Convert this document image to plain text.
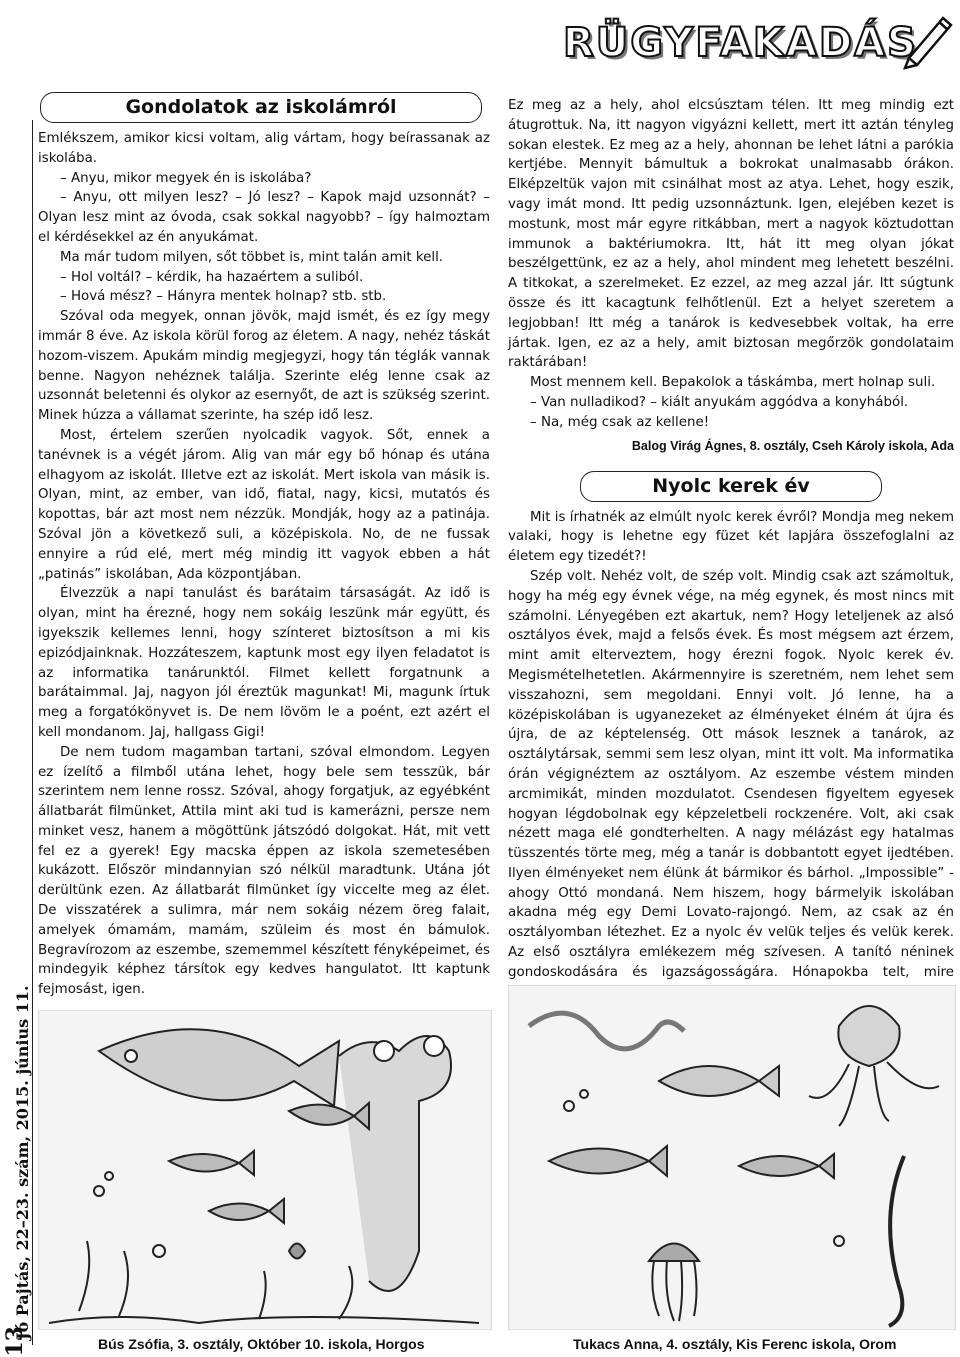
RÜGYFAKADÁS
Jó Pajtás, 22–23. szám, 2015. június 11.
13
Gondolatok az iskolámról

Emlékszem, amikor kicsi voltam, alig vártam, hogy beírassanak az iskolába.

– Anyu, mikor megyek én is iskolába?

– Anyu, ott milyen lesz? – Jó lesz? – Kapok majd uzsonnát? – Olyan lesz mint az óvoda, csak sokkal nagyobb? – így halmoztam el kérdésekkel az én anyukámat.

Ma már tudom milyen, sőt többet is, mint talán amit kell.

– Hol voltál? – kérdik, ha hazaértem a suliból.

– Hová mész? – Hányra mentek holnap? stb. stb.

Szóval oda megyek, onnan jövök, majd ismét, és ez így megy immár 8 éve. Az iskola körül forog az életem. A nagy, nehéz táskát hozom-viszem. Apukám mindig megjegyzi, hogy tán téglák vannak benne. Nagyon nehéznek találja. Szerinte elég lenne csak az uzsonnát beletenni és olykor az esernyőt, de azt is szükség szerint. Minek húzza a vállamat szerinte, ha szép idő lesz.

Most, értelem szerűen nyolcadik vagyok. Sőt, ennek a tanévnek is a végét járom. Alig van már egy bő hónap és utána elhagyom az iskolát. Illetve ezt az iskolát. Mert iskola van másik is. Olyan, mint, az ember, van idő, fiatal, nagy, kicsi, mutatós és kopottas, bár azt most nem nézzük. Mondják, hogy az a patinája. Szóval jön a következő suli, a középiskola. No, de ne fussak ennyire a rúd elé, mert még mindig itt vagyok ebben a hát „patinás” iskolában, Ada központjában.

Élvezzük a napi tanulást és barátaim társaságát. Az idő is olyan, mint ha érezné, hogy nem sokáig leszünk már együtt, és igyekszik kellemes lenni, hogy színteret biztosítson a mi kis epizódjainknak. Hozzáteszem, kaptunk most egy ilyen feladatot is az informatika tanárunktól. Filmet kellett forgatnunk a barátaimmal. Jaj, nagyon jól éreztük magunkat! Mi, magunk írtuk meg a forgatókönyvet is. De nem lövöm le a poént, ezt azért el kell mondanom. Jaj, hallgass Gigi!

De nem tudom magamban tartani, szóval elmondom. Legyen ez ízelítő a filmből utána lehet, hogy bele sem tesszük, bár szerintem nem lenne rossz. Szóval, ahogy forgatjuk, az egyébként állatbarát filmünket, Attila mint aki tud is kamerázni, persze nem minket vesz, hanem a mögöttünk játszódó dolgokat. Hát, mit vett fel ez a gyerek! Egy macska éppen az iskola szemetesében kukázott. Először mindannyian szó nélkül maradtunk. Utána jót derültünk ezen. Az állatbarát filmünket így viccelte meg az élet. De visszatérek a sulimra, már nem sokáig nézem öreg falait, amelyek ómamám, mamám, szüleim és most én bámulok. Begravírozom az eszembe, szememmel készített fényképeimet, és mindegyik képhez társítok egy kedves hangulatot. Itt kaptunk fejmosást, igen.

Ez meg az a hely, ahol elcsúsztam télen. Itt meg mindig ezt átugrottuk. Na, itt nagyon vigyázni kellett, mert itt aztán tényleg sokan elestek. Ez meg az a hely, ahonnan be lehet látni a parókia kertjébe. Mennyit bámultuk a bokrokat unalmasabb órákon. Elképzeltük vajon mit csinálhat most az atya. Lehet, hogy eszik, vagy imát mond. Itt pedig uzsonnáztunk. Igen, elejében kezet is mostunk, most már egyre ritkábban, mert a nagyok köztudottan immunok a baktériumokra. Itt, hát itt meg olyan jókat beszélgettünk, ez az a hely, ahol mindent meg lehetett beszélni. A titkokat, a szerelmeket. Ez ezzel, az meg azzal jár. Itt súgtunk össze és itt kacagtunk felhőtlenül. Ezt a helyet szeretem a legjobban! Itt még a tanárok is kedvesebbek voltak, ha erre jártak. Igen, ez az a hely, amit biztosan megőrzök gondolataim raktárában!

Most mennem kell. Bepakolok a táskámba, mert holnap suli.

– Van nulladikod? – kiált anyukám aggódva a konyhából.

– Na, még csak az kellene!

Balog Virág Ágnes, 8. osztály, Cseh Károly iskola, Ada
Nyolc kerek év

Mit is írhatnék az elmúlt nyolc kerek évről? Mondja meg nekem valaki, hogy is lehetne egy füzet két lapjára összefoglalni az életem egy tizedét?!

Szép volt. Nehéz volt, de szép volt. Mindig csak azt számoltuk, hogy ha még egy évnek vége, na még egynek, és most nincs mit számolni. Lényegében ezt akartuk, nem? Hogy leteljenek az alsó osztályos évek, majd a felsős évek. És most mégsem azt érzem, mint amit elterveztem, hogy érezni fogok. Nyolc kerek év. Megismételhetetlen. Akármennyire is szeretném, nem lehet sem visszahozni, sem megoldani. Ennyi volt. Jó lenne, ha a középiskolában is ugyanezeket az élményeket élném át újra és újra, de az képtelenség. Ott mások lesznek a tanárok, az osztálytársak, semmi sem lesz olyan, mint itt volt. Ma informatika órán végignéztem az osztályom. Az eszembe véstem minden arcmimikát, minden mozdulatot. Csendesen figyeltem egyesek hogyan légdobolnak egy képzeletbeli rockzenére. Volt, aki csak nézett maga elé gondterhelten. A nagy mélázást egy hatalmas tüsszentés törte meg, még a tanár is dobbantott egyet ijedtében. Ilyen élményeket nem élünk át bármikor és bárhol. „Impossible” - ahogy Ottó mondaná. Nem hiszem, hogy bármelyik iskolában akadna még egy Demi Lovato-rajongó. Nem, az csak az én osztályomban létezhet. Ez a nyolc év velük teljes és velük kerek. Az első osztályra emlékezem még szívesen. A tanító néninek gondoskodására és igazságosságára. Hónapokba telt, mire

Bús Zsófia, 3. osztály, Október 10. iskola, Horgos	Tukacs Anna, 4. osztály, Kis Ferenc iskola, Orom
